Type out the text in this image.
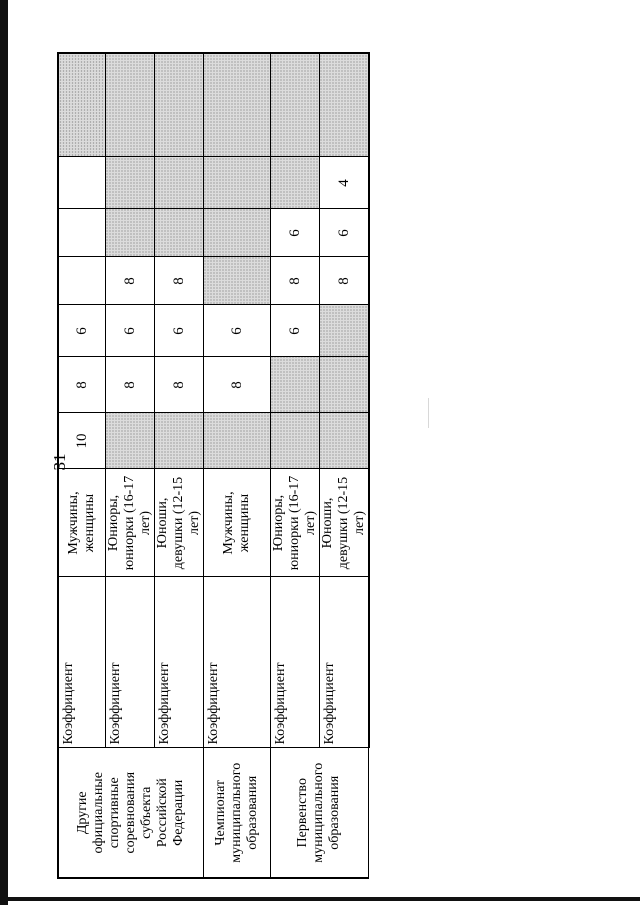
31
Другие официальные спортивные соревнования субъекта Российской Федерации	Коэффициент	Мужчины, женщины	10	8	6				
	Коэффициент	Юниоры, юниорки (16-17 лет)		8	6	8			
	Коэффициент	Юноши, девушки (12-15 лет)		8	6	8			
Чемпионат муниципального образования	Коэффициент	Мужчины, женщины		8	6				
Первенство муниципального образования	Коэффициент	Юниоры, юниорки (16-17 лет)			6	8	6		
	Коэффициент	Юноши, девушки (12-15 лет)				8	6	4	
